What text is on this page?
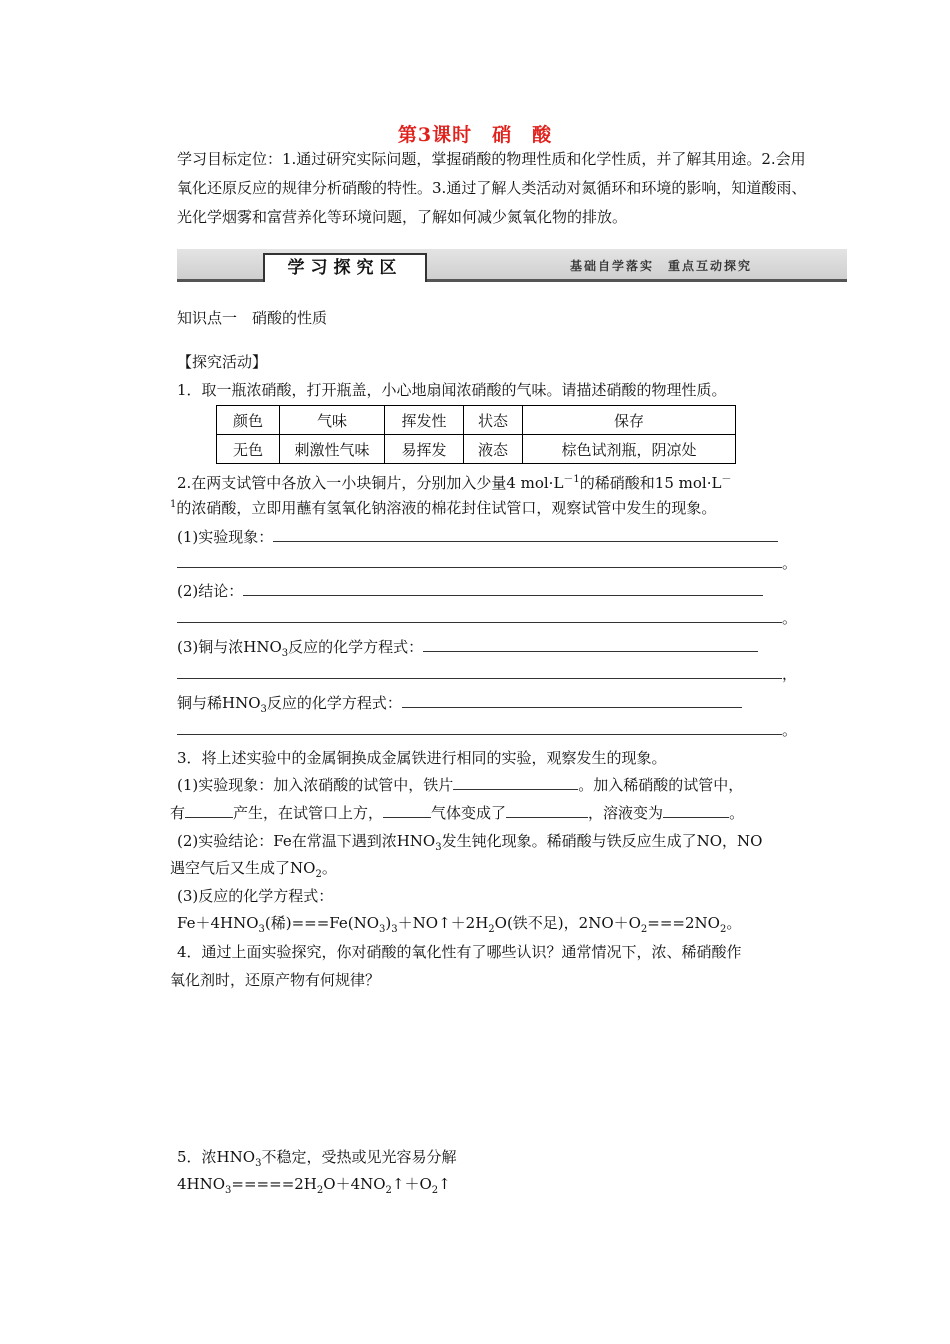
第3课时　硝　酸
学习目标定位：1.通过研究实际问题，掌握硝酸的物理性质和化学性质，并了解其用途。2.会用氧化还原反应的规律分析硝酸的特性。3.通过了解人类活动对氮循环和环境的影响，知道酸雨、光化学烟雾和富营养化等环境问题，了解如何减少氮氧化物的排放。
学习探究区	基础自学落实　重点互动探究
知识点一　硝酸的性质
【探究活动】
1．取一瓶浓硝酸，打开瓶盖，小心地扇闻浓硝酸的气味。请描述硝酸的物理性质。
颜色	气味	挥发性	状态	保存
无色	刺激性气味	易挥发	液态	棕色试剂瓶，阴凉处
2.在两支试管中各放入一小块铜片，分别加入少量4 $mol\cdot L^{-1}$的稀硝酸和15 mol·L－
$^1$的浓硝酸，立即用蘸有氢氧化钠溶液的棉花封住试管口，观察试管中发生的现象。
(1)实验现象：
。
(2)结论：
。
(3)铜与浓$HNO_3$反应的化学方程式：
，
铜与稀$HNO_3$反应的化学方程式：
。
3．将上述实验中的金属铜换成金属铁进行相同的实验，观察发生的现象。
(1)实验现象：加入浓硝酸的试管中，铁片	。加入稀硝酸的试管中，
有	产生，在试管口上方，	气体变成了	，溶液变为	。
(2)实验结论：Fe在常温下遇到浓$HNO_3$发生钝化现象。稀硝酸与铁反应生成了NO，NO
遇空气后又生成了$NO_2$。
(3)反应的化学方程式：
$Fe+4HNO_3$(稀)$===Fe(NO_3)_3+NO↑+2H_2O$(铁不足)，$2NO+O_2===2NO_2$。
4．通过上面实验探究，你对硝酸的氧化性有了哪些认识？通常情况下，浓、稀硝酸作
氧化剂时，还原产物有何规律？
5．浓$HNO_3$不稳定，受热或见光容易分解
$4HNO_3=====2H_2O+4NO_2↑+O_2↑$
